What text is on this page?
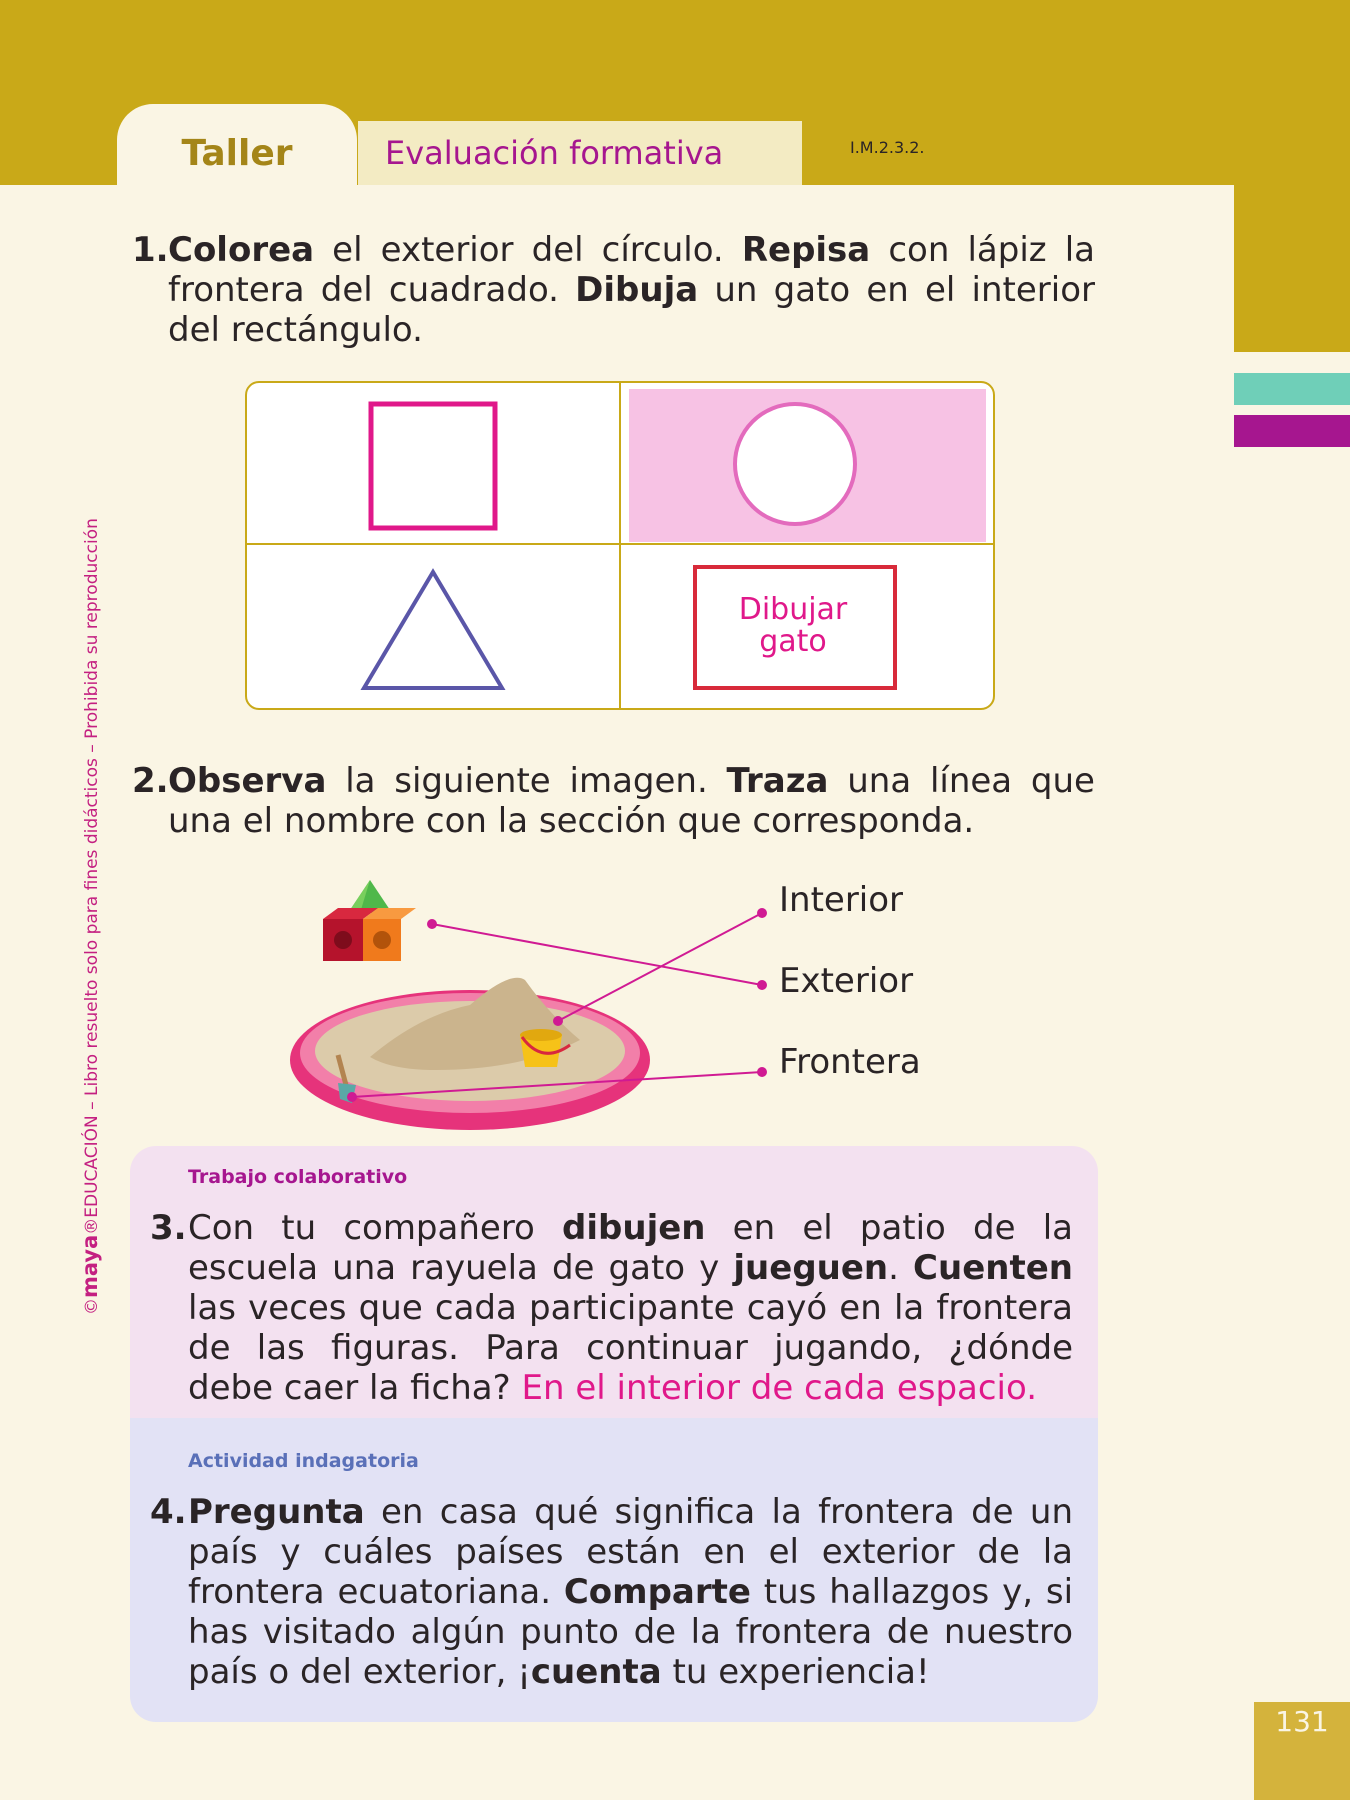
131
Taller	Evaluación formativa	I.M.2.3.2.
©maya®EDUCACIÓN – Libro resuelto solo para fines didácticos – Prohibida su reproducción
1. Colorea el exterior del círculo. Repisa con lápiz la frontera del cuadrado. Dibuja un gato en el interior del rectángulo.
Dibujar
gato
2. Observa la siguiente imagen. Traza una línea que una el nombre con la sección que corresponda.
Interior
Exterior
Frontera
Trabajo colaborativo
3. Con tu compañero dibujen en el patio de la escuela una rayuela de gato y jueguen. Cuenten las veces que cada participante cayó en la frontera de las figuras. Para continuar jugando, ¿dónde debe caer la ficha? En el interior de cada espacio.
Actividad indagatoria
4. Pregunta en casa qué significa la frontera de un país y cuáles países están en el exterior de la frontera ecuatoriana. Comparte tus hallazgos y, si has visitado algún punto de la frontera de nuestro país o del exterior, ¡cuenta tu experiencia!
